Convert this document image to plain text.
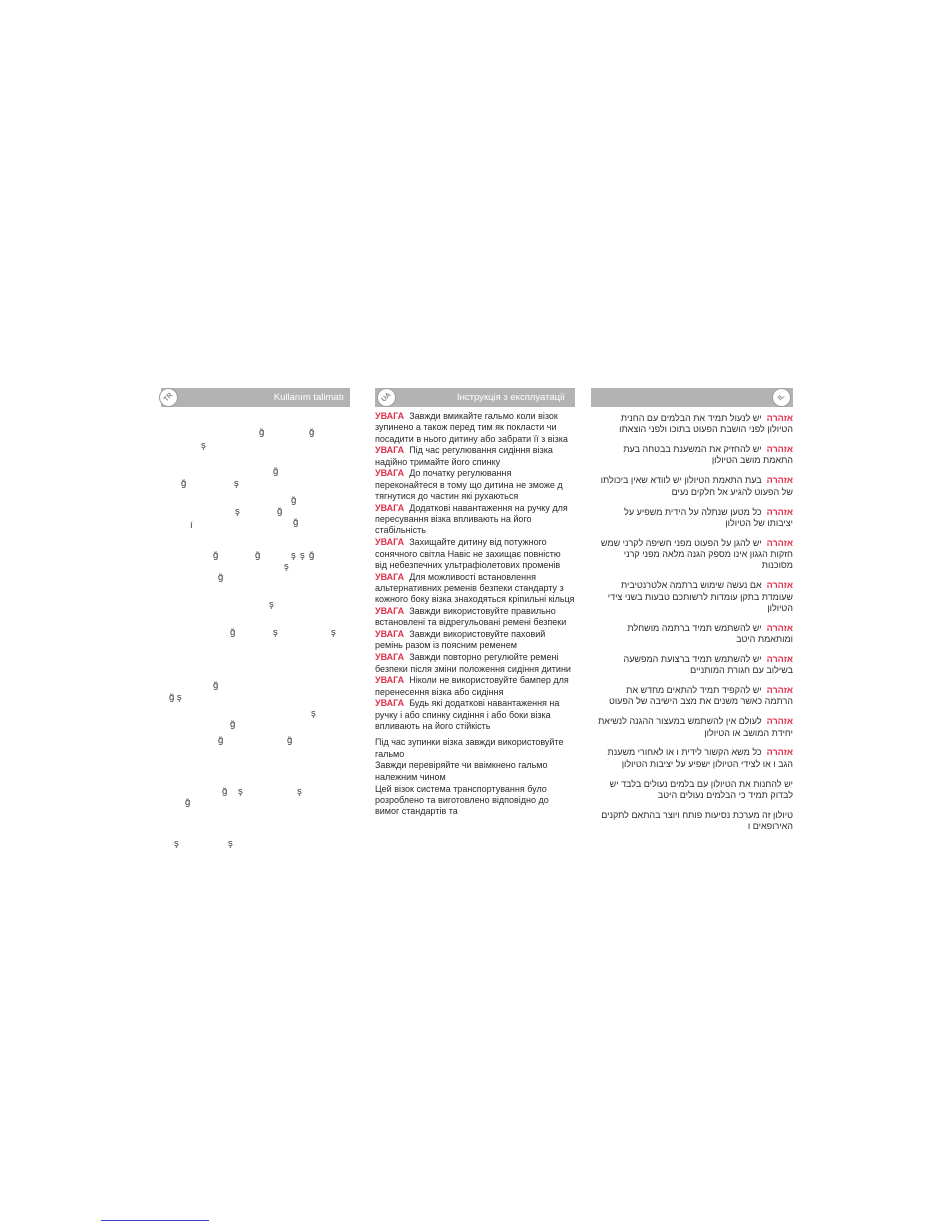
TR	Kullanım talimatı
ğ	ğ
ş
ğ
ğ	ş
ğ
ş	ğ
ğ
í
ğ	ğ	ş ş ğ
ş
ğ
ş
ğ	ş	ş
ğ
ğ ş
ş
ğ
ğ	ğ
ğ ş	ş
ğ
ş	ş
UA	Інструкція з експлуатації

УВАГА Завжди вмикайте гальмо коли візок зупинено а також перед тим як покласти чи посадити в нього дитину або забрати її з візка

УВАГА Під час регулювання сидіння візка надійно тримайте його спинку

УВАГА До початку регулювання переконайтеся в тому що дитина не зможе д тягнутися до частин які рухаються

УВАГА Додаткові навантаження на ручку для пересування візка впливають на його стабільність

УВАГА Захищайте дитину від потужного сонячного світла Навіс не захищає повністю від небезпечних ультрафіолетових променів

УВАГА Для можливості встановлення альтернативних ременів безпеки стандарту з кожного боку візка знаходяться кріпильні кільця

УВАГА Завжди використовуйте правильно встановлені та відрегульовані ремені безпеки

УВАГА Завжди використовуйте паховий ремінь разом із поясним ременем

УВАГА Завжди повторно регулюйте ремені безпеки після зміни положення сидіння дитини

УВАГА Ніколи не використовуйте бампер для перенесення візка або сидіння

УВАГА Будь які додаткові навантаження на ручку і або спинку сидіння і або боки візка впливають на його стійкість

Під час зупинки візка завжди використовуйте гальмо

Завжди перевіряйте чи ввімкнено гальмо належним чином

Цей візок система транспортування було розроблено та виготовлено відповідно до вимог стандартів та

IL

אזהרה  יש לנעול תמיד את הבלמים עם החנית הטיולון לפני הושבת הפעוט בתוכו ולפני הוצאתו

אזהרה  יש להחזיק את המשענת בבטחה בעת התאמת מושב הטיולון

אזהרה  בעת התאמת הטיולון יש לוודא שאין ביכולתו של הפעוט להגיע אל חלקים נעים

אזהרה  כל מטען שנתלה על הידית משפיע על יציבותו של הטיולון

אזהרה  יש להגן על הפעוט מפני חשיפה לקרני שמש חזקות הגגון אינו מספק הגנה מלאה מפני קרני מסוכנות

אזהרה  אם נעשה שימוש ברתמה אלטרנטיבית שעומדת בתקן עומדות לרשותכם טבעות בשני צידי הטיולון

אזהרה  יש להשתמש תמיד ברתמה מושחלת ומותאמת היטב

אזהרה  יש להשתמש תמיד ברצועת המפשעה בשילוב עם חגורת המותניים

אזהרה  יש להקפיד תמיד להתאים מחדש את הרתמה כאשר משנים את מצב הישיבה של הפעוט

אזהרה  לעולם אין להשתמש במעצור ההגנה לנשיאת יחידת המושב או הטיולון

אזהרה  כל משא הקשור לידית ו או לאחורי משענת הגב ו או לצידי הטיולון ישפיע על יציבות הטיולון

יש להחנות את הטיולון עם בלמים נעולים בלבד יש לבדוק תמיד כי הבלמים נעולים היטב

טיולון זה מערכת נסיעות פותח ויוצר בהתאם לתקנים האירופאים ו
